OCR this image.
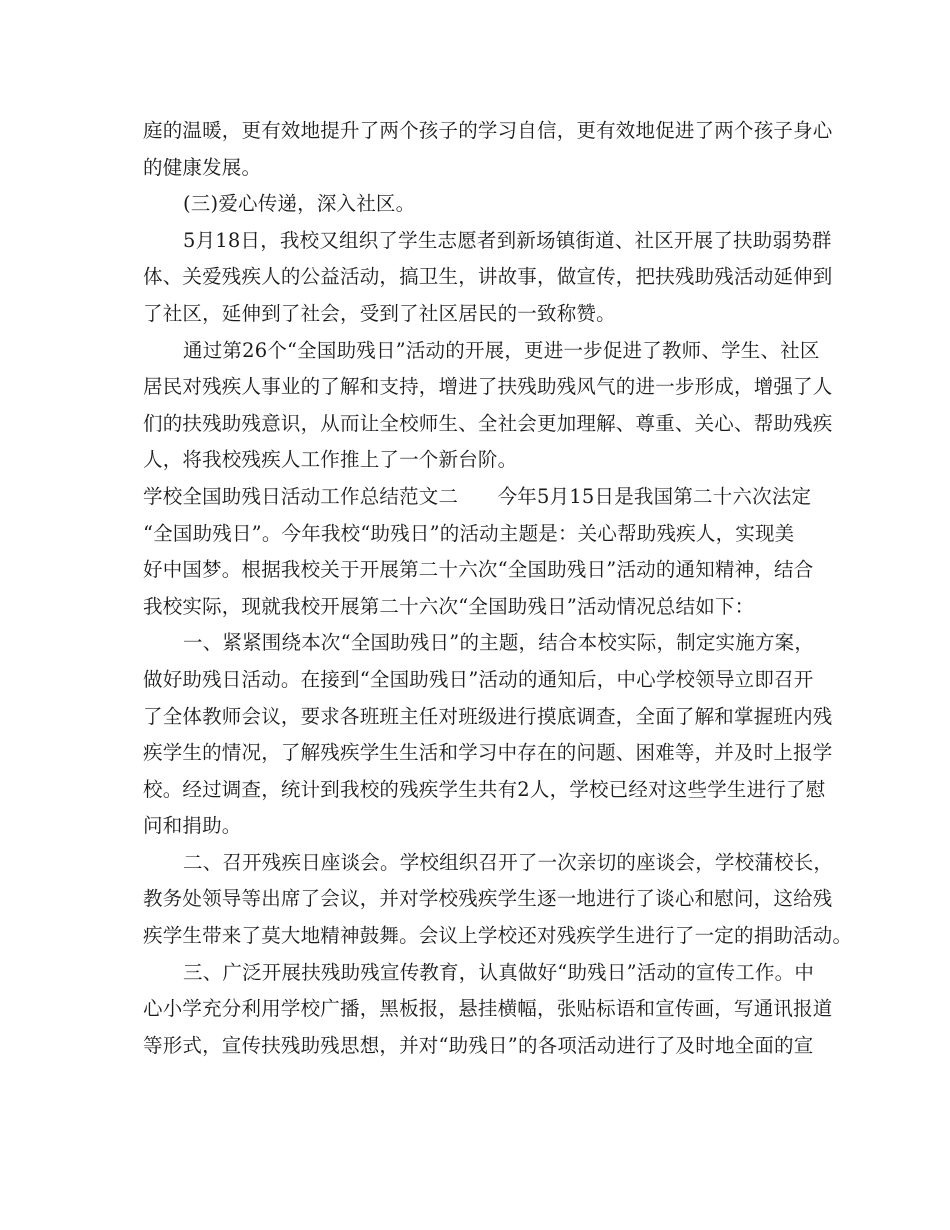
庭的温暖，更有效地提升了两个孩子的学习自信，更有效地促进了两个孩子身心
的健康发展。
(三)爱心传递，深入社区。
5月18日，我校又组织了学生志愿者到新场镇街道、社区开展了扶助弱势群
体、关爱残疾人的公益活动，搞卫生，讲故事，做宣传，把扶残助残活动延伸到
了社区，延伸到了社会，受到了社区居民的一致称赞。
通过第26个“全国助残日”活动的开展，更进一步促进了教师、学生、社区
居民对残疾人事业的了解和支持，增进了扶残助残风气的进一步形成，增强了人
们的扶残助残意识，从而让全校师生、全社会更加理解、尊重、关心、帮助残疾
人，将我校残疾人工作推上了一个新台阶。
学校全国助残日活动工作总结范文二　　今年5月15日是我国第二十六次法定
“全国助残日”。今年我校“助残日”的活动主题是：关心帮助残疾人，实现美
好中国梦。根据我校关于开展第二十六次“全国助残日”活动的通知精神，结合
我校实际，现就我校开展第二十六次“全国助残日”活动情况总结如下：
一、紧紧围绕本次“全国助残日”的主题，结合本校实际，制定实施方案，
做好助残日活动。在接到“全国助残日”活动的通知后，中心学校领导立即召开
了全体教师会议，要求各班班主任对班级进行摸底调查，全面了解和掌握班内残
疾学生的情况，了解残疾学生生活和学习中存在的问题、困难等，并及时上报学
校。经过调查，统计到我校的残疾学生共有2人，学校已经对这些学生进行了慰
问和捐助。
二、召开残疾日座谈会。学校组织召开了一次亲切的座谈会，学校蒲校长，
教务处领导等出席了会议，并对学校残疾学生逐一地进行了谈心和慰问，这给残
疾学生带来了莫大地精神鼓舞。会议上学校还对残疾学生进行了一定的捐助活动。
三、广泛开展扶残助残宣传教育，认真做好“助残日”活动的宣传工作。中
心小学充分利用学校广播，黑板报，悬挂横幅，张贴标语和宣传画，写通讯报道
等形式，宣传扶残助残思想，并对“助残日”的各项活动进行了及时地全面的宣
